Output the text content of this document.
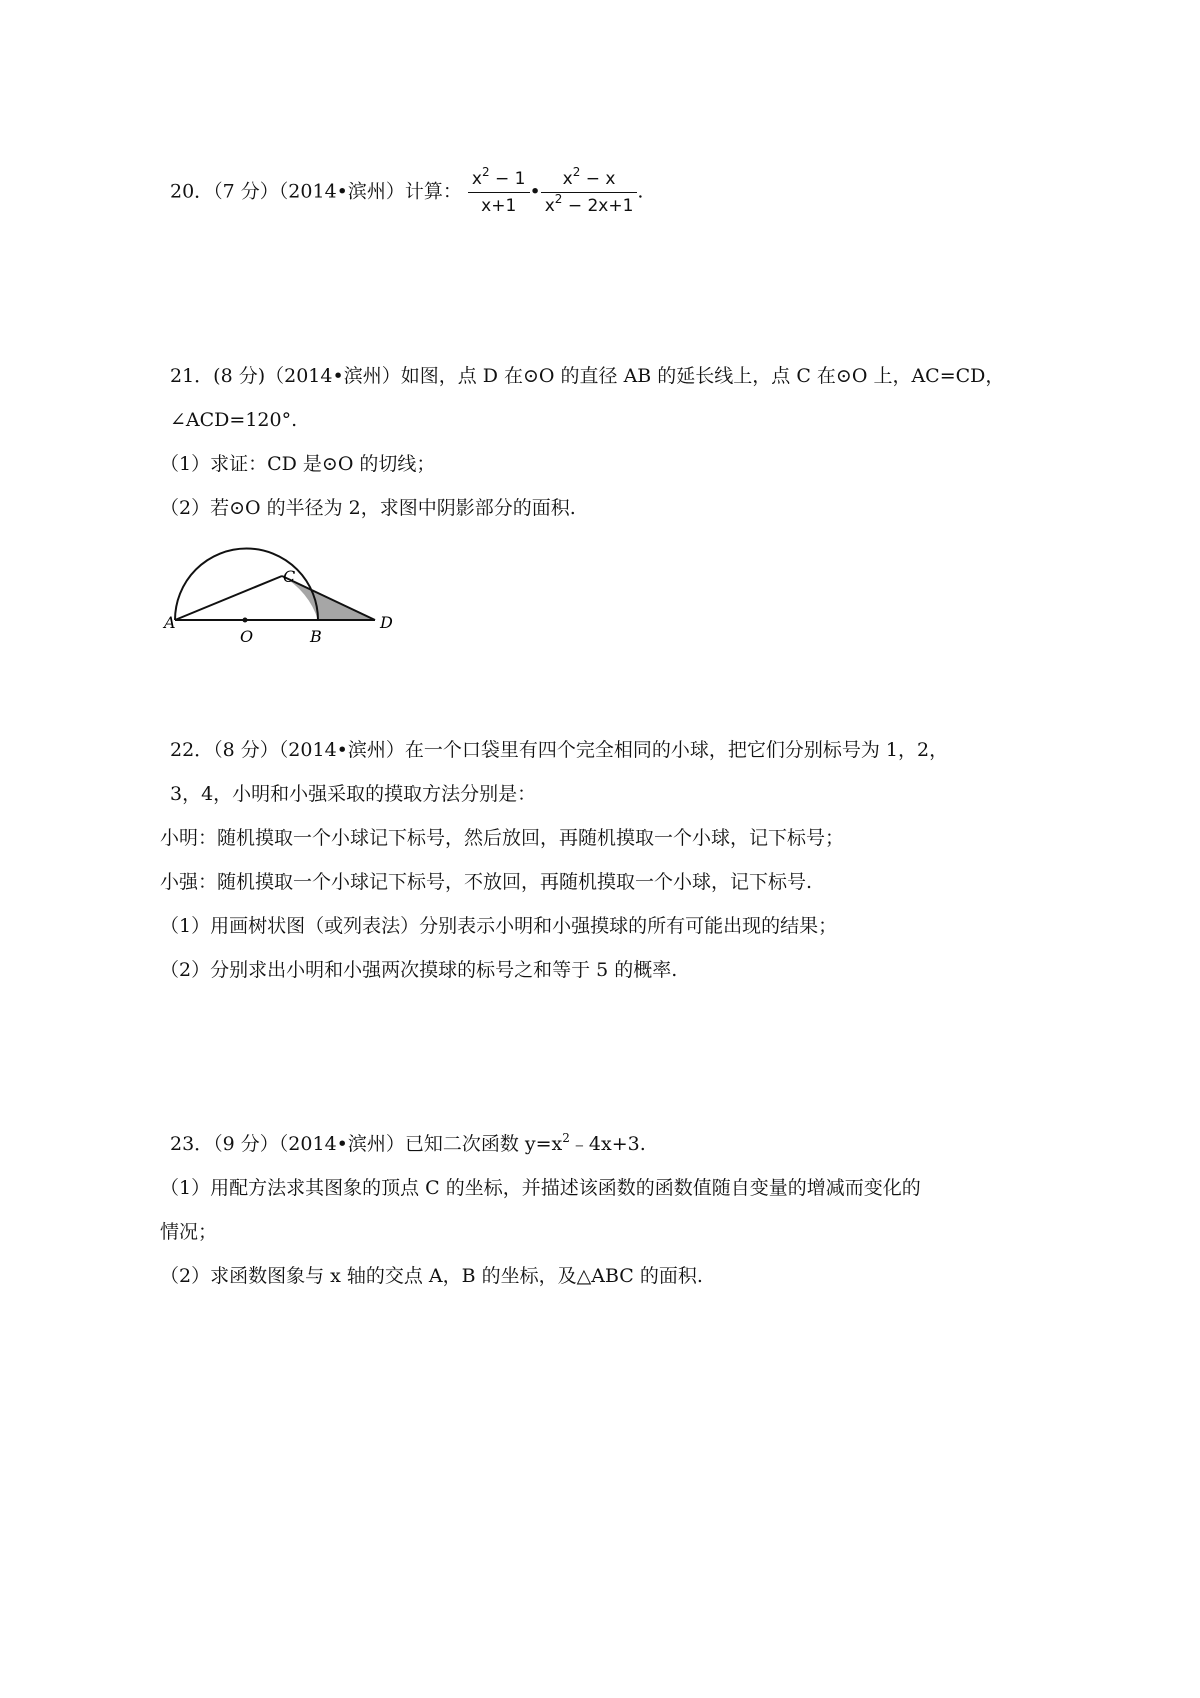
20．（7 分）（2014•滨州）计算： $\frac{x^2 - 1}{x+1}$ • $\frac{x^2 - x}{x^2 - 2x+1}$ .
21．(8 分)（2014•滨州）如图，点 D 在⊙O 的直径 AB 的延长线上，点 C 在⊙O 上，AC=CD，
∠ACD=120°.
（1）求证：CD 是⊙O 的切线；
（2）若⊙O 的半径为 2，求图中阴影部分的面积.
A
O	B
C
D
22．（8 分）（2014•滨州）在一个口袋里有四个完全相同的小球，把它们分别标号为 1，2，
3，4，小明和小强采取的摸取方法分别是：
小明：随机摸取一个小球记下标号，然后放回，再随机摸取一个小球，记下标号；
小强：随机摸取一个小球记下标号，不放回，再随机摸取一个小球，记下标号.
（1）用画树状图（或列表法）分别表示小明和小强摸球的所有可能出现的结果；
（2）分别求出小明和小强两次摸球的标号之和等于 5 的概率.
23．（9 分）（2014•滨州）已知二次函数 $y=x^2﹣4x+3$.
（1）用配方法求其图象的顶点 C 的坐标，并描述该函数的函数值随自变量的增减而变化的
情况；
（2）求函数图象与 x 轴的交点 A，B 的坐标，及△ABC 的面积.
